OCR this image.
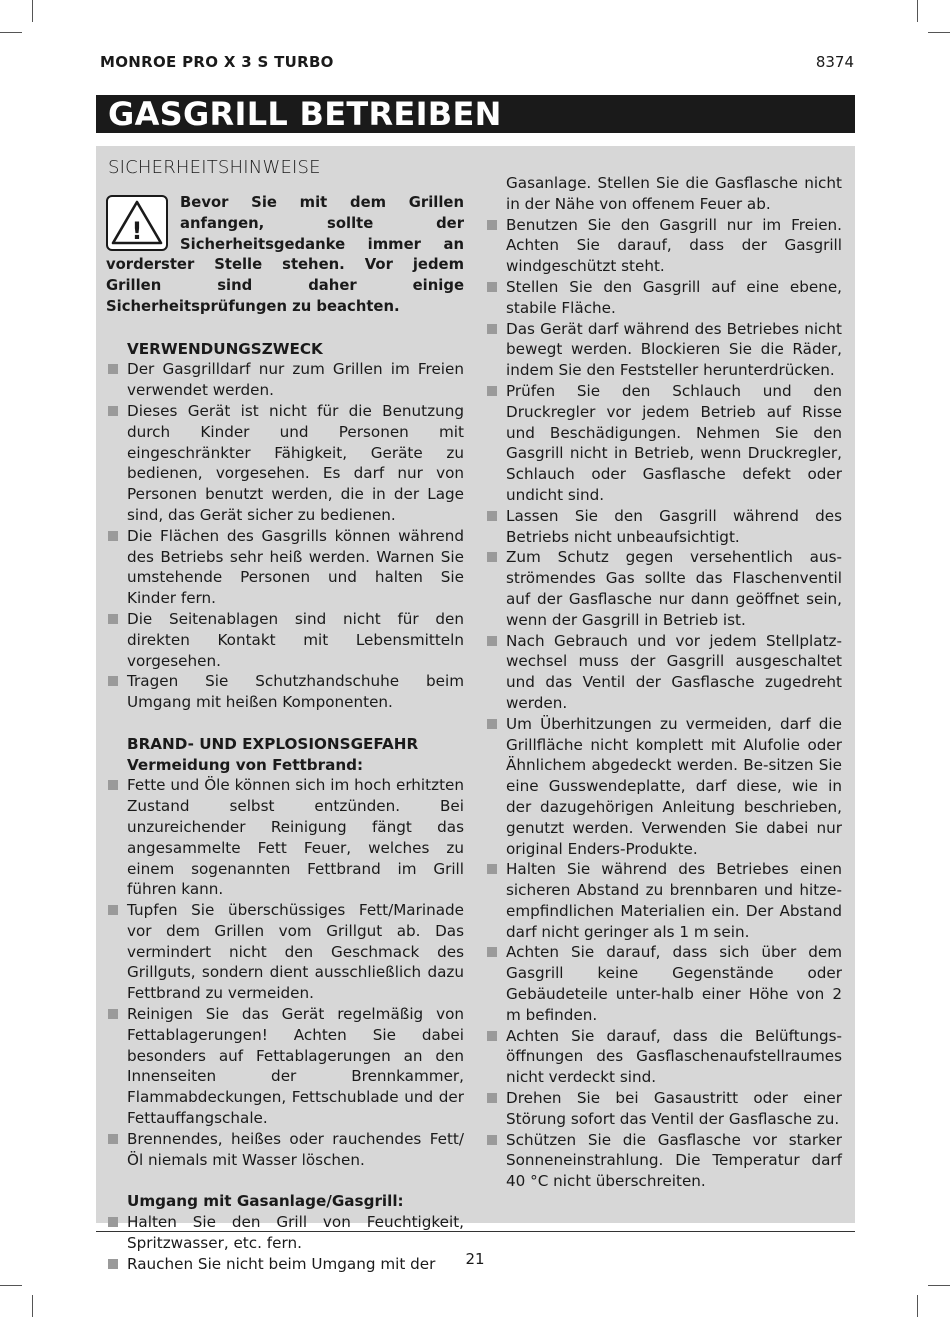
MONROE PRO X 3 S TURBO	8374
GASGRILL BETREIBEN
SICHERHEITSHINWEISE
!
Bevor Sie mit dem Grillen anfangen, sollte der Sicherheitsgedanke immer an vorderster Stelle stehen. Vor jedem Grillen sind daher einige Sicherheitsprüfungen zu beachten.
VERWENDUNGSZWECK
Der Gasgrilldarf nur zum Grillen im Freien verwendet werden.
Dieses Gerät ist nicht für die Benutzung durch Kinder und Personen mit eingeschränkter Fähigkeit, Geräte zu bedienen, vorgesehen. Es darf nur von Personen benutzt werden, die in der Lage sind, das Gerät sicher zu bedienen.
Die Flächen des Gasgrills können während des Betriebs sehr heiß werden. Warnen Sie umstehende Personen und halten Sie Kinder fern.
Die Seitenablagen sind nicht für den direkten Kontakt mit Lebensmitteln vorgesehen.
Tragen Sie Schutzhandschuhe beim Umgang mit heißen Komponenten.
BRAND- UND EXPLOSIONSGEFAHR
Vermeidung von Fettbrand:
Fette und Öle können sich im hoch erhitzten Zustand selbst entzünden. Bei unzureichender Reinigung fängt das angesammelte Fett Feuer, welches zu einem sogenannten Fettbrand im Grill führen kann.
Tupfen Sie überschüssiges Fett/Marinade vor dem Grillen vom Grillgut ab. Das vermindert nicht den Geschmack des Grillguts, sondern dient ausschließlich dazu Fettbrand zu vermeiden.
Reinigen Sie das Gerät regelmäßig von Fettablagerungen! Achten Sie dabei besonders auf Fettablagerungen an den Innenseiten der Brennkammer, Flammabdeckungen, Fettschublade und der Fettauffangschale.
Brennendes, heißes oder rauchendes Fett/ Öl niemals mit Wasser löschen.
Umgang mit Gasanlage/Gasgrill:
Halten Sie den Grill von Feuchtigkeit, Spritzwasser, etc. fern.
Rauchen Sie nicht beim Umgang mit der

Gasanlage. Stellen Sie die Gasflasche nicht in der Nähe von offenem Feuer ab.

Benutzen Sie den Gasgrill nur im Freien. Achten Sie darauf, dass der Gasgrill windgeschützt steht.
Stellen Sie den Gasgrill auf eine ebene, stabile Fläche.
Das Gerät darf während des Betriebes nicht bewegt werden. Blockieren Sie die Räder, indem Sie den Feststeller herunterdrücken.
Prüfen Sie den Schlauch und den Druckregler vor jedem Betrieb auf Risse und Beschädigungen. Nehmen Sie den Gasgrill nicht in Betrieb, wenn Druckregler, Schlauch oder Gasflasche defekt oder undicht sind.
Lassen Sie den Gasgrill während des Betriebs nicht unbeaufsichtigt.
Zum Schutz gegen versehentlich aus-strömendes Gas sollte das Flaschenventil auf der Gasflasche nur dann geöffnet sein, wenn der Gasgrill in Betrieb ist.
Nach Gebrauch und vor jedem Stellplatz-wechsel muss der Gasgrill ausgeschaltet und das Ventil der Gasflasche zugedreht werden.
Um Überhitzungen zu vermeiden, darf die Grillfläche nicht komplett mit Alufolie oder Ähnlichem abgedeckt werden. Be-sitzen Sie eine Gusswendeplatte, darf diese, wie in der dazugehörigen Anleitung beschrieben, genutzt werden. Verwenden Sie dabei nur original Enders-Produkte.
Halten Sie während des Betriebes einen sicheren Abstand zu brennbaren und hitze-empfindlichen Materialien ein. Der Abstand darf nicht geringer als 1 m sein.
Achten Sie darauf, dass sich über dem Gasgrill keine Gegenstände oder Gebäudeteile unter-halb einer Höhe von 2 m befinden.
Achten Sie darauf, dass die Belüftungs-öffnungen des Gasflaschenaufstellraumes nicht verdeckt sind.
Drehen Sie bei Gasaustritt oder einer Störung sofort das Ventil der Gasflasche zu.
Schützen Sie die Gasflasche vor starker Sonneneinstrahlung. Die Temperatur darf 40 °C nicht überschreiten.
21
